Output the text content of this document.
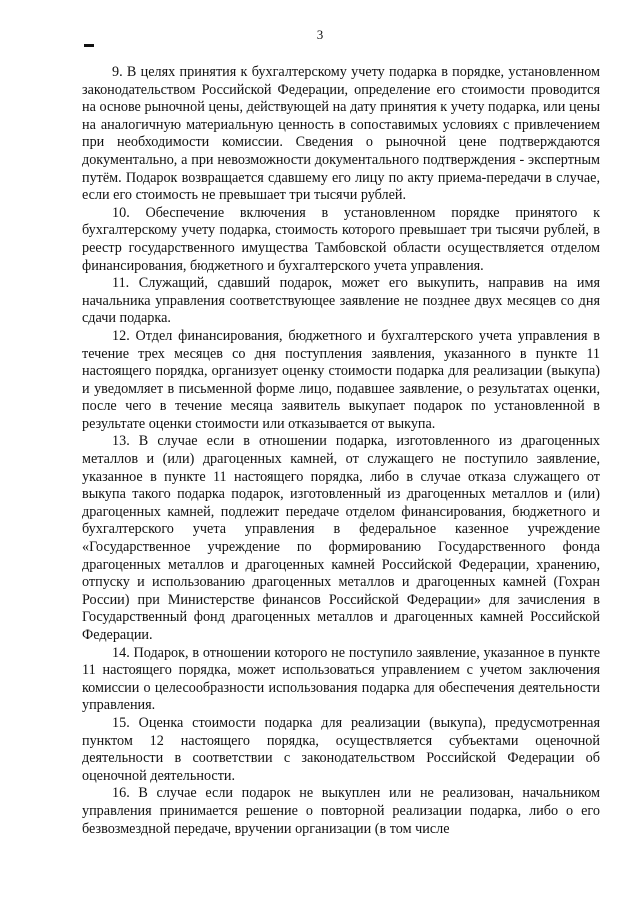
3

9. В целях принятия к бухгалтерскому учету подарка в порядке, установленном законодательством Российской Федерации, определение его стоимости проводится на основе рыночной цены, действующей на дату принятия к учету подарка, или цены на аналогичную материальную ценность в сопоставимых условиях с привлечением при необходимости комиссии. Сведения о рыночной цене подтверждаются документально, а при невозможности документального подтверждения - экспертным путём. Подарок возвращается сдавшему его лицу по акту приема-передачи в случае, если его стоимость не превышает три тысячи рублей.

10. Обеспечение включения в установленном порядке принятого к бухгалтерскому учету подарка, стоимость которого превышает три тысячи рублей, в реестр государственного имущества Тамбовской области осуществляется отделом финансирования, бюджетного и бухгалтерского учета управления.

11. Служащий, сдавший подарок, может его выкупить, направив на имя начальника управления соответствующее заявление не позднее двух месяцев со дня сдачи подарка.

12. Отдел финансирования, бюджетного и бухгалтерского учета управления в течение трех месяцев со дня поступления заявления, указанного в пункте 11 настоящего порядка, организует оценку стоимости подарка для реализации (выкупа) и уведомляет в письменной форме лицо, подавшее заявление, о результатах оценки, после чего в течение месяца заявитель выкупает подарок по установленной в результате оценки стоимости или отказывается от выкупа.

13. В случае если в отношении подарка, изготовленного из драгоценных металлов и (или) драгоценных камней, от служащего не поступило заявление, указанное в пункте 11 настоящего порядка, либо в случае отказа служащего от выкупа такого подарка подарок, изготовленный из драгоценных металлов и (или) драгоценных камней, подлежит передаче отделом финансирования, бюджетного и бухгалтерского учета управления в федеральное казенное учреждение «Государственное учреждение по формированию Государственного фонда драгоценных металлов и драгоценных камней Российской Федерации, хранению, отпуску и использованию драгоценных металлов и драгоценных камней (Гохран России) при Министерстве финансов Российской Федерации» для зачисления в Государственный фонд драгоценных металлов и драгоценных камней Российской Федерации.

14. Подарок, в отношении которого не поступило заявление, указанное в пункте 11 настоящего порядка, может использоваться управлением с учетом заключения комиссии о целесообразности использования подарка для обеспечения деятельности управления.

15. Оценка стоимости подарка для реализации (выкупа), предусмотренная пунктом 12 настоящего порядка, осуществляется субъектами оценочной деятельности в соответствии с законодательством Российской Федерации об оценочной деятельности.

16. В случае если подарок не выкуплен или не реализован, начальником управления принимается решение о повторной реализации подарка, либо о его безвозмездной передаче, вручении организации (в том числе
